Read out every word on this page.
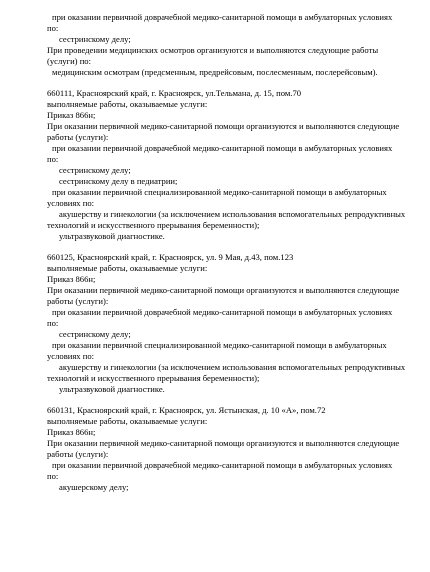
при оказании первичной доврачебной медико-санитарной помощи в амбулаторных условиях
по:
сестринскому делу;
При проведении медицинских осмотров организуются и выполняются следующие работы
(услуги) по:
медицинским осмотрам (предсменным, предрейсовым, послесменным, послерейсовым).
660111, Красноярский край, г. Красноярск, ул.Тельмана, д. 15, пом.70
выполняемые работы, оказываемые услуги:
Приказ 866н;
При оказании первичной медико-санитарной помощи организуются и выполняются следующие
работы (услуги):
при оказании первичной доврачебной медико-санитарной помощи в амбулаторных условиях
по:
сестринскому делу;
сестринскому делу в педиатрии;
при оказании первичной специализированной медико-санитарной помощи в амбулаторных
условиях по:
акушерству и гинекологии (за исключением использования вспомогательных репродуктивных
технологий и искусственного прерывания беременности);
ультразвуковой диагностике.
660125, Красноярский край, г. Красноярск, ул. 9 Мая, д.43, пом.123
выполняемые работы, оказываемые услуги:
Приказ 866н;
При оказании первичной медико-санитарной помощи организуются и выполняются следующие
работы (услуги):
при оказании первичной доврачебной медико-санитарной помощи в амбулаторных условиях
по:
сестринскому делу;
при оказании первичной специализированной медико-санитарной помощи в амбулаторных
условиях по:
акушерству и гинекологии (за исключением использования вспомогательных репродуктивных
технологий и искусственного прерывания беременности);
ультразвуковой диагностике.
660131, Красноярский край, г. Красноярск, ул. Ястынская, д. 10 «А», пом.72
выполняемые работы, оказываемые услуги:
Приказ 866н;
При оказании первичной медико-санитарной помощи организуются и выполняются следующие
работы (услуги):
при оказании первичной доврачебной медико-санитарной помощи в амбулаторных условиях
по:
акушерскому делу;
